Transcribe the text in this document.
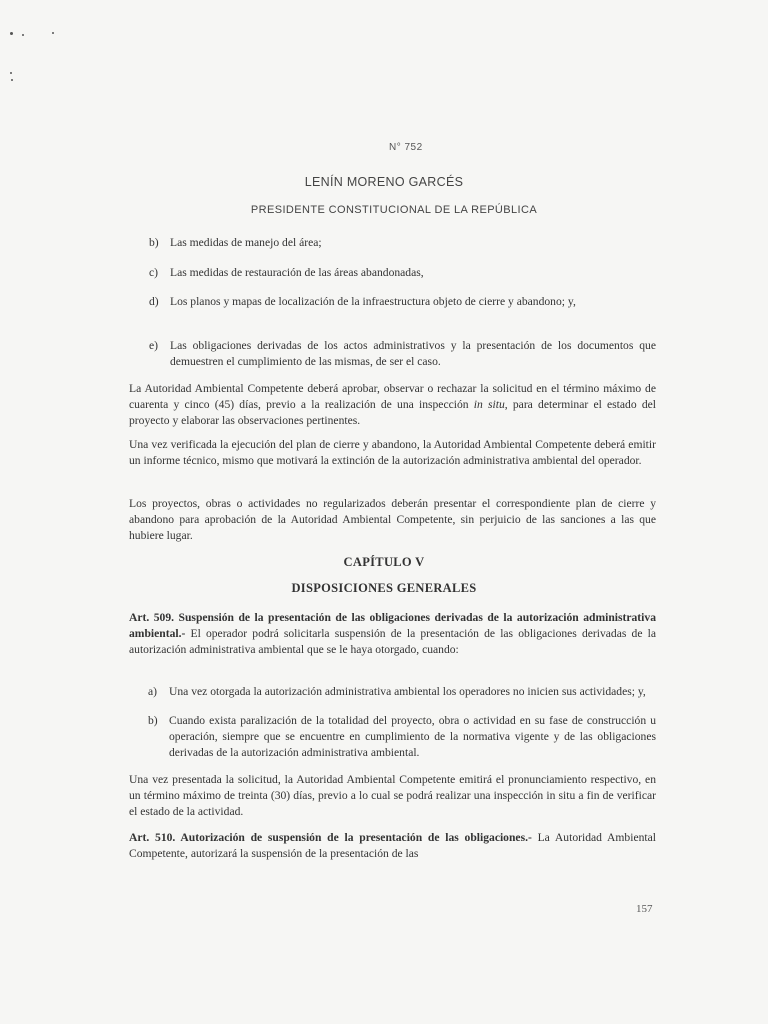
N° 752
LENÍN MORENO GARCÉS
PRESIDENTE CONSTITUCIONAL DE LA REPÚBLICA
b) Las medidas de manejo del área;
c) Las medidas de restauración de las áreas abandonadas,
d) Los planos y mapas de localización de la infraestructura objeto de cierre y abandono; y,
e) Las obligaciones derivadas de los actos administrativos y la presentación de los documentos que demuestren el cumplimiento de las mismas, de ser el caso.
La Autoridad Ambiental Competente deberá aprobar, observar o rechazar la solicitud en el término máximo de cuarenta y cinco (45) días, previo a la realización de una inspección in situ, para determinar el estado del proyecto y elaborar las observaciones pertinentes.
Una vez verificada la ejecución del plan de cierre y abandono, la Autoridad Ambiental Competente deberá emitir un informe técnico, mismo que motivará la extinción de la autorización administrativa ambiental del operador.
Los proyectos, obras o actividades no regularizados deberán presentar el correspondiente plan de cierre y abandono para aprobación de la Autoridad Ambiental Competente, sin perjuicio de las sanciones a las que hubiere lugar.
CAPÍTULO V
DISPOSICIONES GENERALES
Art. 509. Suspensión de la presentación de las obligaciones derivadas de la autorización administrativa ambiental.- El operador podrá solicitarla suspensión de la presentación de las obligaciones derivadas de la autorización administrativa ambiental que se le haya otorgado, cuando:
a) Una vez otorgada la autorización administrativa ambiental los operadores no inicien sus actividades; y,
b) Cuando exista paralización de la totalidad del proyecto, obra o actividad en su fase de construcción u operación, siempre que se encuentre en cumplimiento de la normativa vigente y de las obligaciones derivadas de la autorización administrativa ambiental.
Una vez presentada la solicitud, la Autoridad Ambiental Competente emitirá el pronunciamiento respectivo, en un término máximo de treinta (30) días, previo a lo cual se podrá realizar una inspección in situ a fin de verificar el estado de la actividad.
Art. 510. Autorización de suspensión de la presentación de las obligaciones.- La Autoridad Ambiental Competente, autorizará la suspensión de la presentación de las
157
